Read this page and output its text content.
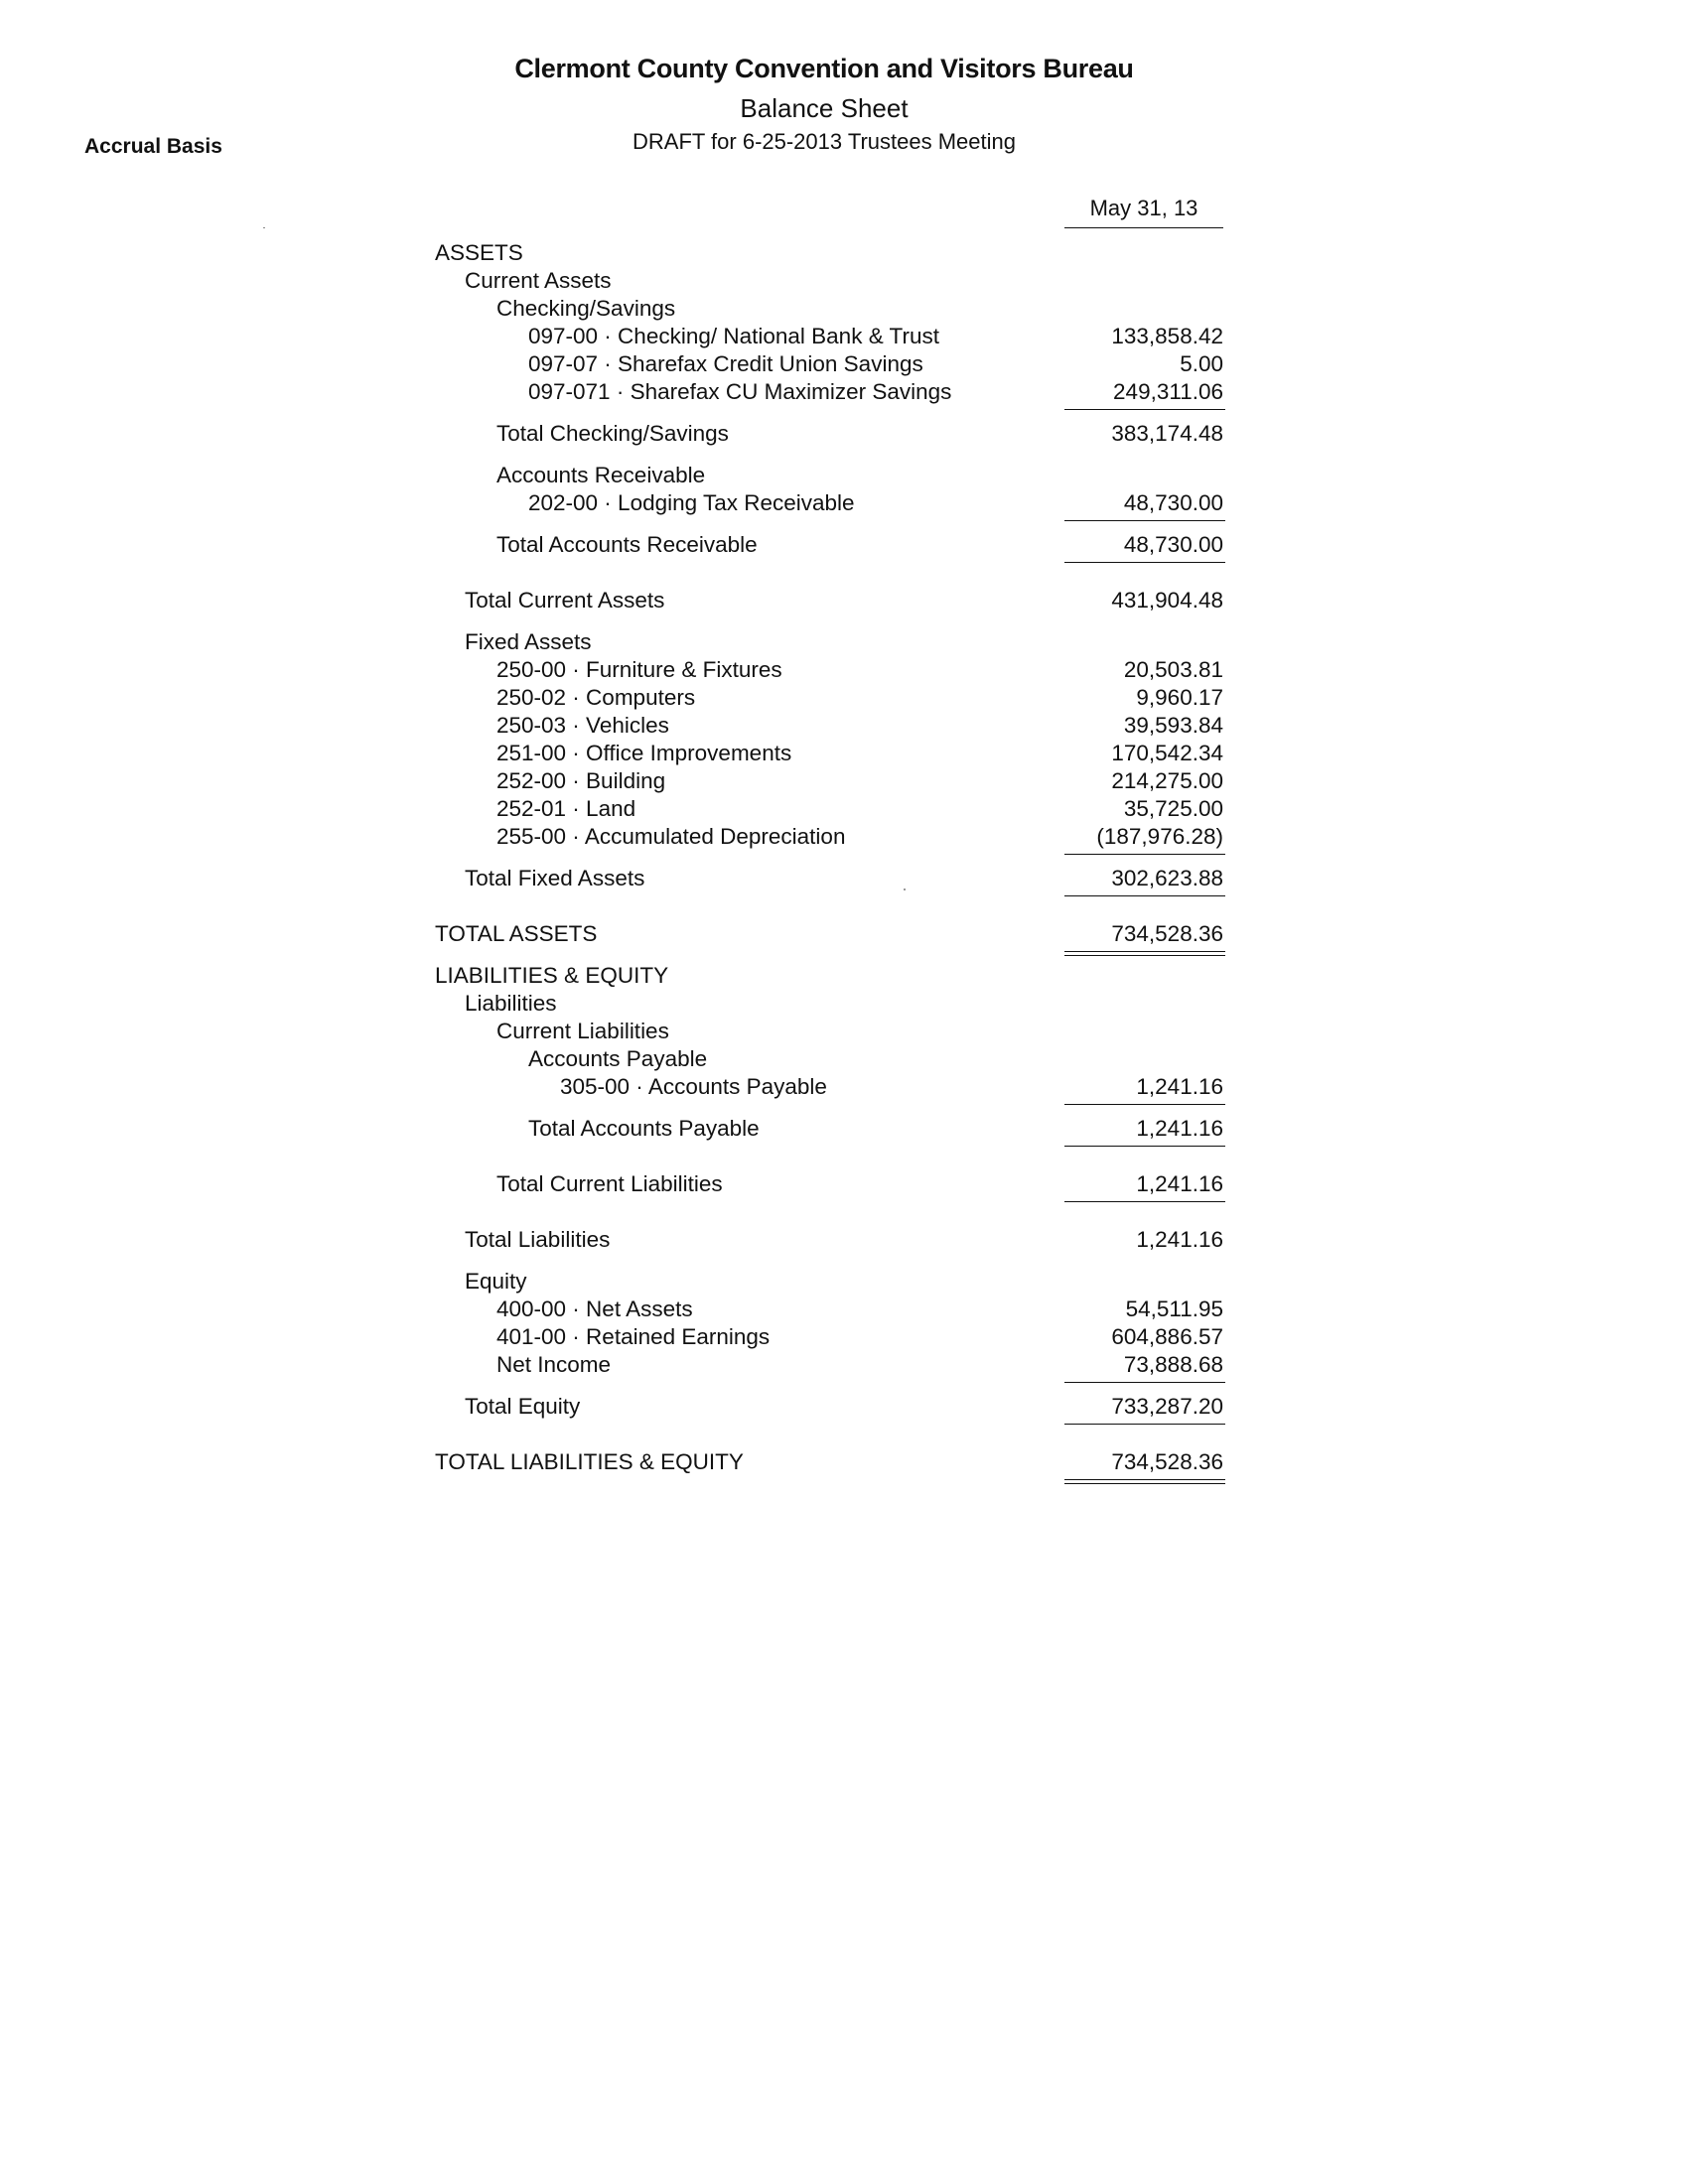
Clermont County Convention and Visitors Bureau
Balance Sheet
DRAFT for 6-25-2013 Trustees Meeting
Accrual Basis
May 31, 13
ASSETS
Current Assets
Checking/Savings
097-00 · Checking/ National Bank & Trust	133,858.42
097-07 · Sharefax Credit Union Savings	5.00
097-071 · Sharefax CU Maximizer Savings	249,311.06
Total Checking/Savings	383,174.48
Accounts Receivable
202-00 · Lodging Tax Receivable	48,730.00
Total Accounts Receivable	48,730.00
Total Current Assets	431,904.48
Fixed Assets
250-00 · Furniture & Fixtures	20,503.81
250-02 · Computers	9,960.17
250-03 · Vehicles	39,593.84
251-00 · Office Improvements	170,542.34
252-00 · Building	214,275.00
252-01 · Land	35,725.00
255-00 · Accumulated Depreciation	(187,976.28)
Total Fixed Assets	302,623.88
TOTAL ASSETS	734,528.36
LIABILITIES & EQUITY
Liabilities
Current Liabilities
Accounts Payable
305-00 · Accounts Payable	1,241.16
Total Accounts Payable	1,241.16
Total Current Liabilities	1,241.16
Total Liabilities	1,241.16
Equity
400-00 · Net Assets	54,511.95
401-00 · Retained Earnings	604,886.57
Net Income	73,888.68
Total Equity	733,287.20
TOTAL LIABILITIES & EQUITY	734,528.36
